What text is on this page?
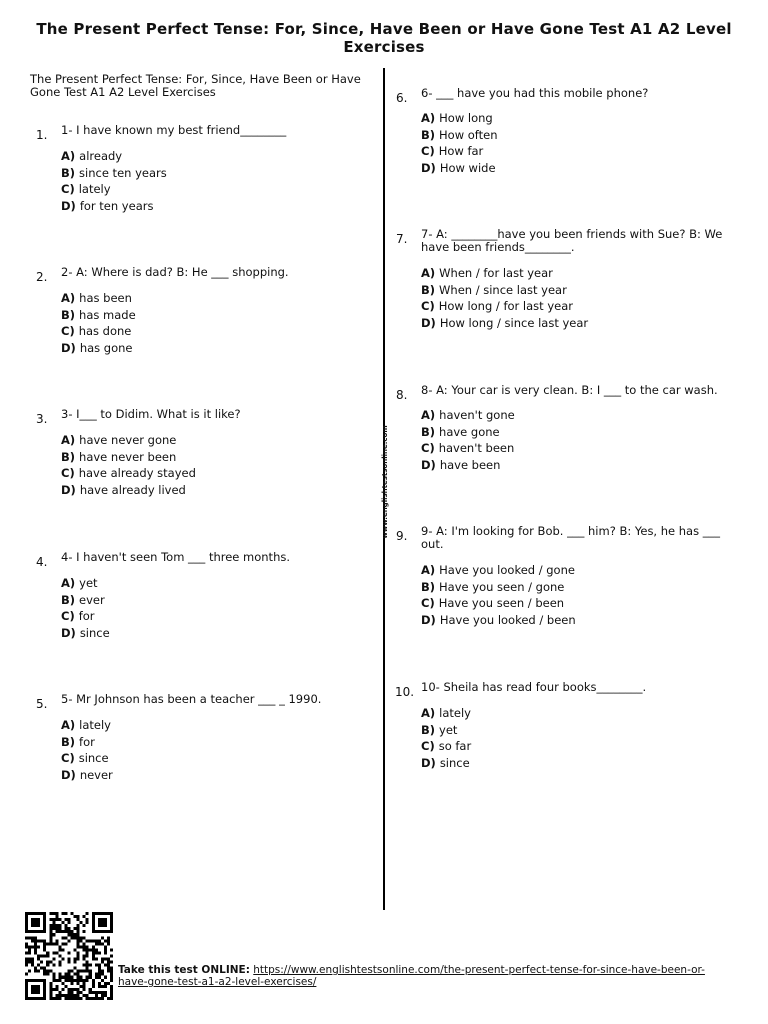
The Present Perfect Tense: For, Since, Have Been or Have Gone Test A1 A2 Level Exercises
The Present Perfect Tense: For, Since, Have Been or Have Gone Test A1 A2 Level Exercises
www.englishtestsonline.com
1. 1- I have known my best friend________
A) already
B) since ten years
C) lately
D) for ten years
2. 2- A: Where is dad? B: He ___ shopping.
A) has been
B) has made
C) has done
D) has gone
3. 3- I___ to Didim. What is it like?
A) have never gone
B) have never been
C) have already stayed
D) have already lived
4. 4- I haven't seen Tom ___ three months.
A) yet
B) ever
C) for
D) since
5. 5- Mr Johnson has been a teacher ___ _ 1990.
A) lately
B) for
C) since
D) never
6. 6- ___ have you had this mobile phone?
A) How long
B) How often
C) How far
D) How wide
7. 7- A: ________have you been friends with Sue? B: We have been friends________.
A) When / for last year
B) When / since last year
C) How long / for last year
D) How long / since last year
8. 8- A: Your car is very clean. B: I ___ to the car wash.
A) haven't gone
B) have gone
C) haven't been
D) have been
9. 9- A: I'm looking for Bob. ___ him? B: Yes, he has ___ out.
A) Have you looked / gone
B) Have you seen / gone
C) Have you seen / been
D) Have you looked / been
10. 10- Sheila has read four books________.
A) lately
B) yet
C) so far
D) since
Take this test ONLINE: https://www.englishtestsonline.com/the-present-perfect-tense-for-since-have-been-or-have-gone-test-a1-a2-level-exercises/
